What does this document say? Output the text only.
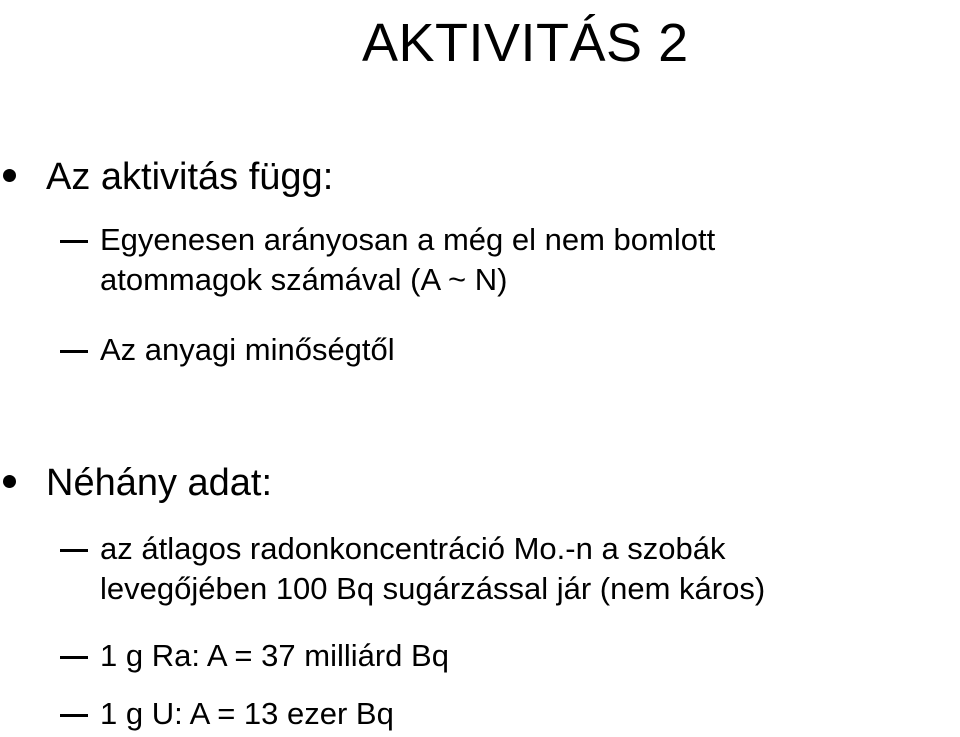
AKTIVITÁS 2
Az aktivitás függ:
Egyenesen arányosan a még el nem bomlott
atommagok számával (A ~ N)
Az anyagi minőségtől
Néhány adat:
az átlagos radonkoncentráció Mo.-n a szobák
levegőjében 100 Bq sugárzással jár (nem káros)
1 g Ra: A = 37 milliárd Bq
1 g U: A = 13 ezer Bq
